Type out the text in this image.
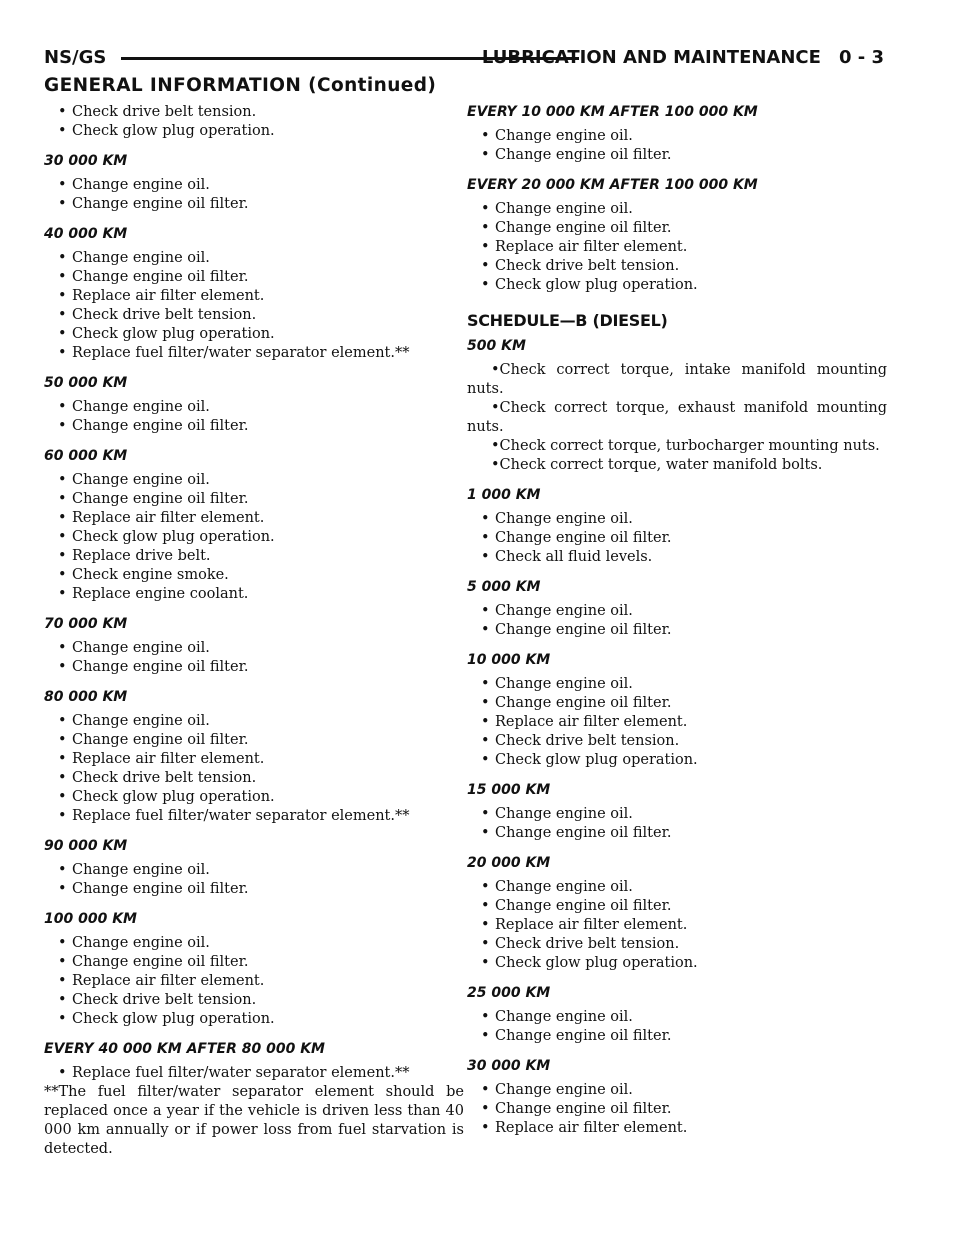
NS/GS	LUBRICATION AND MAINTENANCE 0 - 3
GENERAL INFORMATION (Continued)
• Check drive belt tension.
• Check glow plug operation.
30 000 KM
• Change engine oil.
• Change engine oil filter.
40 000 KM
• Change engine oil.
• Change engine oil filter.
• Replace air filter element.
• Check drive belt tension.
• Check glow plug operation.
• Replace fuel filter/water separator element.**
50 000 KM
• Change engine oil.
• Change engine oil filter.
60 000 KM
• Change engine oil.
• Change engine oil filter.
• Replace air filter element.
• Check glow plug operation.
• Replace drive belt.
• Check engine smoke.
• Replace engine coolant.
70 000 KM
• Change engine oil.
• Change engine oil filter.
80 000 KM
• Change engine oil.
• Change engine oil filter.
• Replace air filter element.
• Check drive belt tension.
• Check glow plug operation.
• Replace fuel filter/water separator element.**
90 000 KM
• Change engine oil.
• Change engine oil filter.
100 000 KM
• Change engine oil.
• Change engine oil filter.
• Replace air filter element.
• Check drive belt tension.
• Check glow plug operation.
EVERY 40 000 KM AFTER 80 000 KM
• Replace fuel filter/water separator element.**

**The fuel filter/water separator element should be replaced once a year if the vehicle is driven less than 40 000 km annually or if power loss from fuel starvation is detected.

EVERY 10 000 KM AFTER 100 000 KM
• Change engine oil.
• Change engine oil filter.
EVERY 20 000 KM AFTER 100 000 KM
• Change engine oil.
• Change engine oil filter.
• Replace air filter element.
• Check drive belt tension.
• Check glow plug operation.
SCHEDULE—B (DIESEL)
500 KM

•Check correct torque, intake manifold mounting nuts.

•Check correct torque, exhaust manifold mounting nuts.

•Check correct torque, turbocharger mounting nuts.

•Check correct torque, water manifold bolts.

1 000 KM
• Change engine oil.
• Change engine oil filter.
• Check all fluid levels.
5 000 KM
• Change engine oil.
• Change engine oil filter.
10 000 KM
• Change engine oil.
• Change engine oil filter.
• Replace air filter element.
• Check drive belt tension.
• Check glow plug operation.
15 000 KM
• Change engine oil.
• Change engine oil filter.
20 000 KM
• Change engine oil.
• Change engine oil filter.
• Replace air filter element.
• Check drive belt tension.
• Check glow plug operation.
25 000 KM
• Change engine oil.
• Change engine oil filter.
30 000 KM
• Change engine oil.
• Change engine oil filter.
• Replace air filter element.
